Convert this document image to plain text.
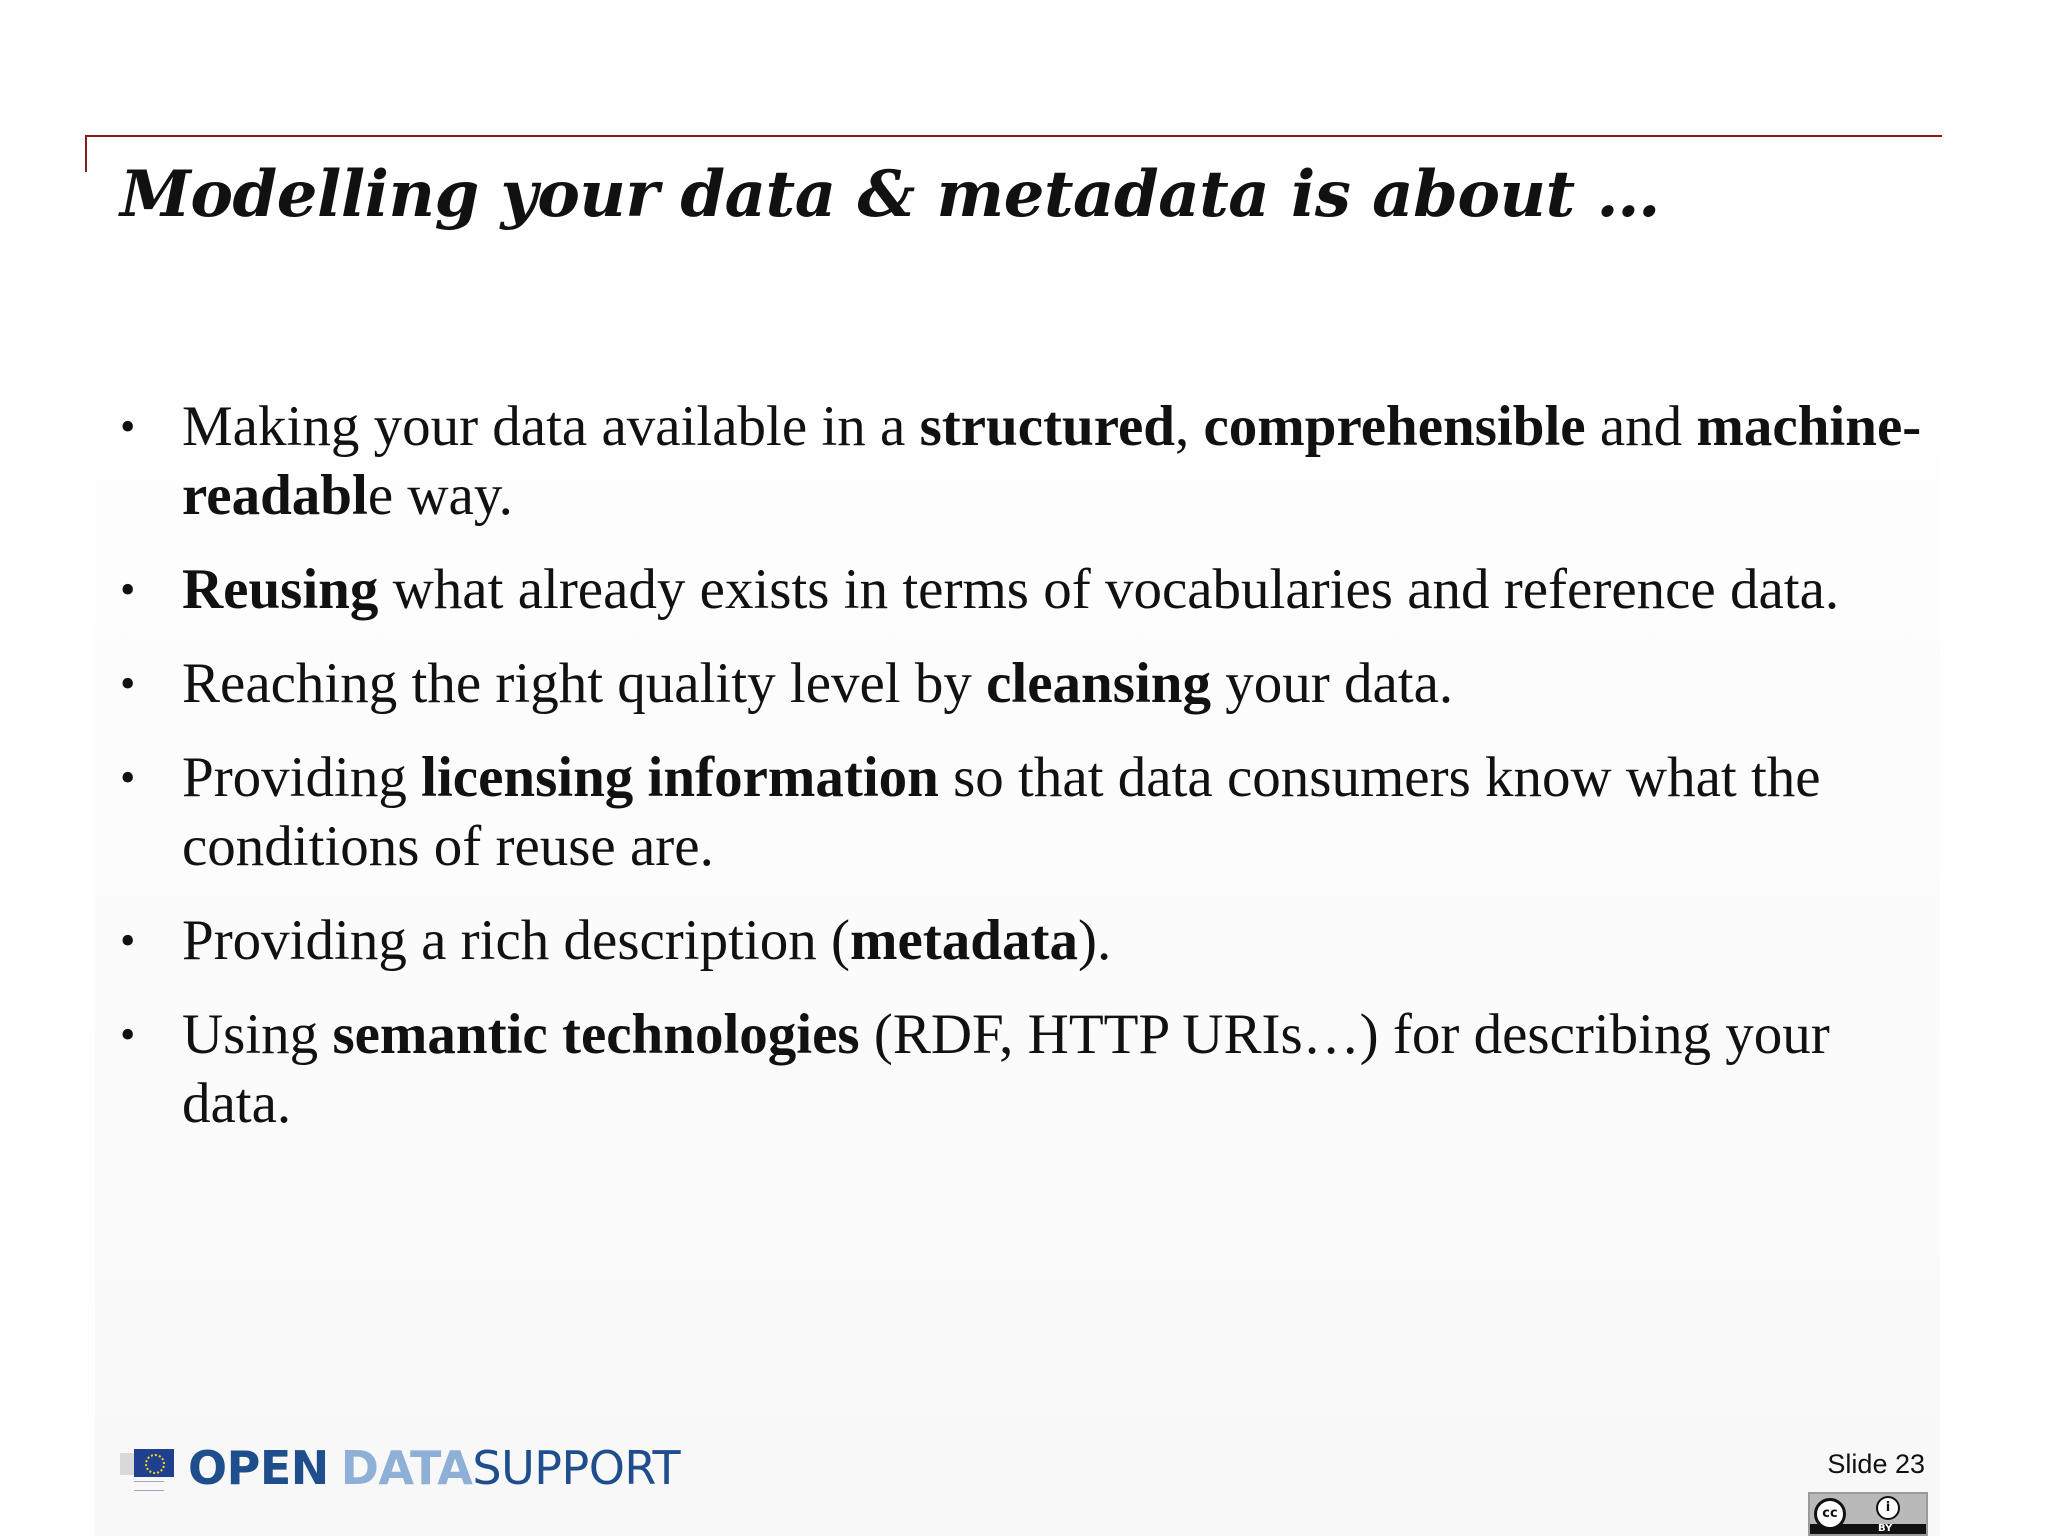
Modelling your data & metadata is about …
• Making your data available in a structured, comprehensible and machine-readable way.
• Reusing what already exists in terms of vocabularies and reference data.
• Reaching the right quality level by cleansing your data.
• Providing licensing information so that data consumers know what the conditions of reuse are.
• Providing a rich description (metadata).
• Using semantic technologies (RDF, HTTP URIs…) for describing your data.
OPEN DATASUPPORT	Slide 23
cc	i
BY
